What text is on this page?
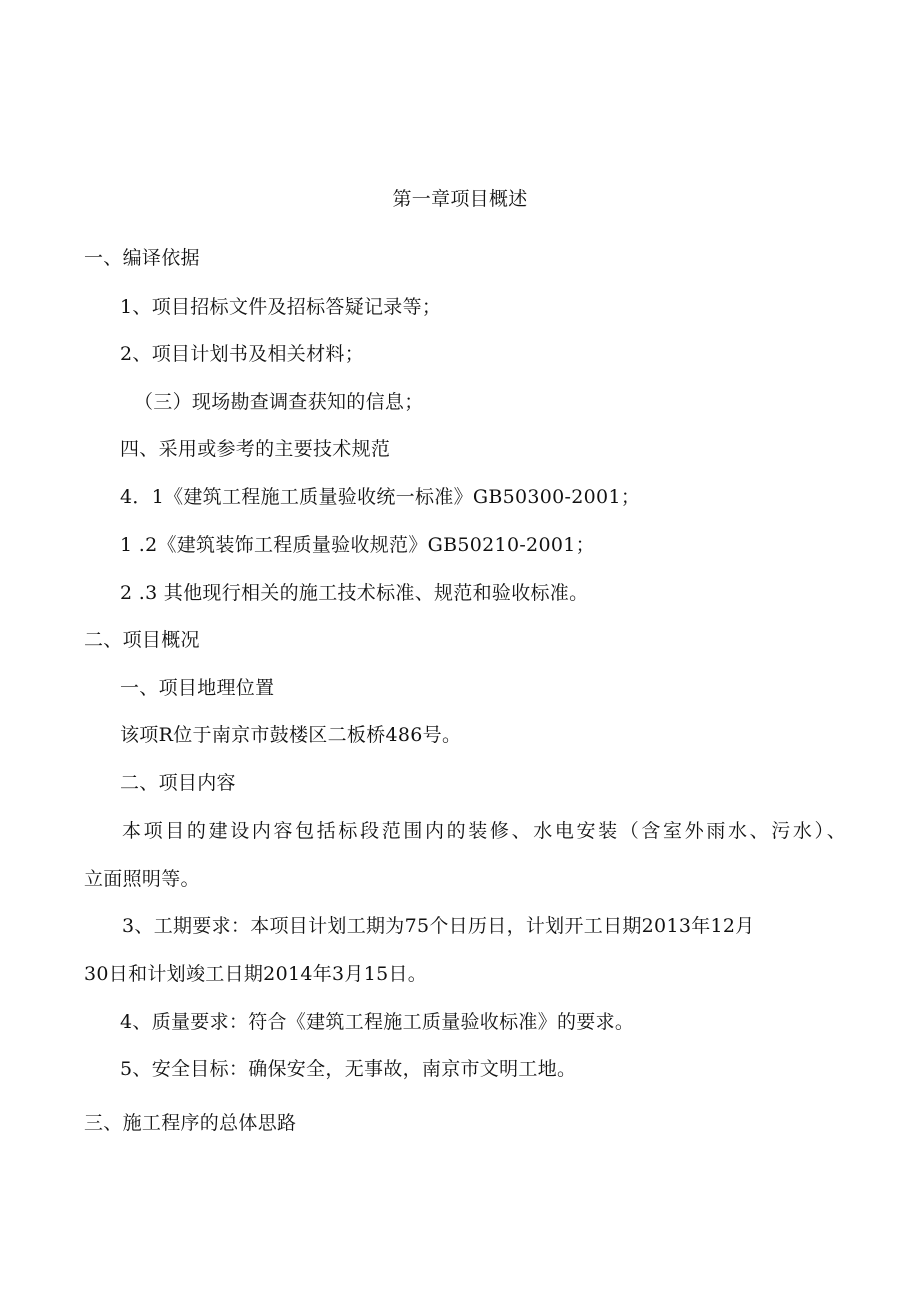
第一章项目概述
一、编译依据
1、项目招标文件及招标答疑记录等；
2、项目计划书及相关材料；
（三）现场勘查调查获知的信息；
四、采用或参考的主要技术规范
4．1《建筑工程施工质量验收统一标准》GB50300-2001；
1 .2《建筑装饰工程质量验收规范》GB50210-2001；
2 .3 其他现行相关的施工技术标准、规范和验收标准。
二、项目概况
一、项目地理位置
该项R位于南京市鼓楼区二板桥486号。
二、项目内容
本项目的建设内容包括标段范围内的装修、水电安装（含室外雨水、污水）、
立面照明等。
3、工期要求：本项目计划工期为75个日历日，计划开工日期2013年12月
30日和计划竣工日期2014年3月15日。
4、质量要求：符合《建筑工程施工质量验收标准》的要求。
5、安全目标：确保安全，无事故，南京市文明工地。
三、施工程序的总体思路
